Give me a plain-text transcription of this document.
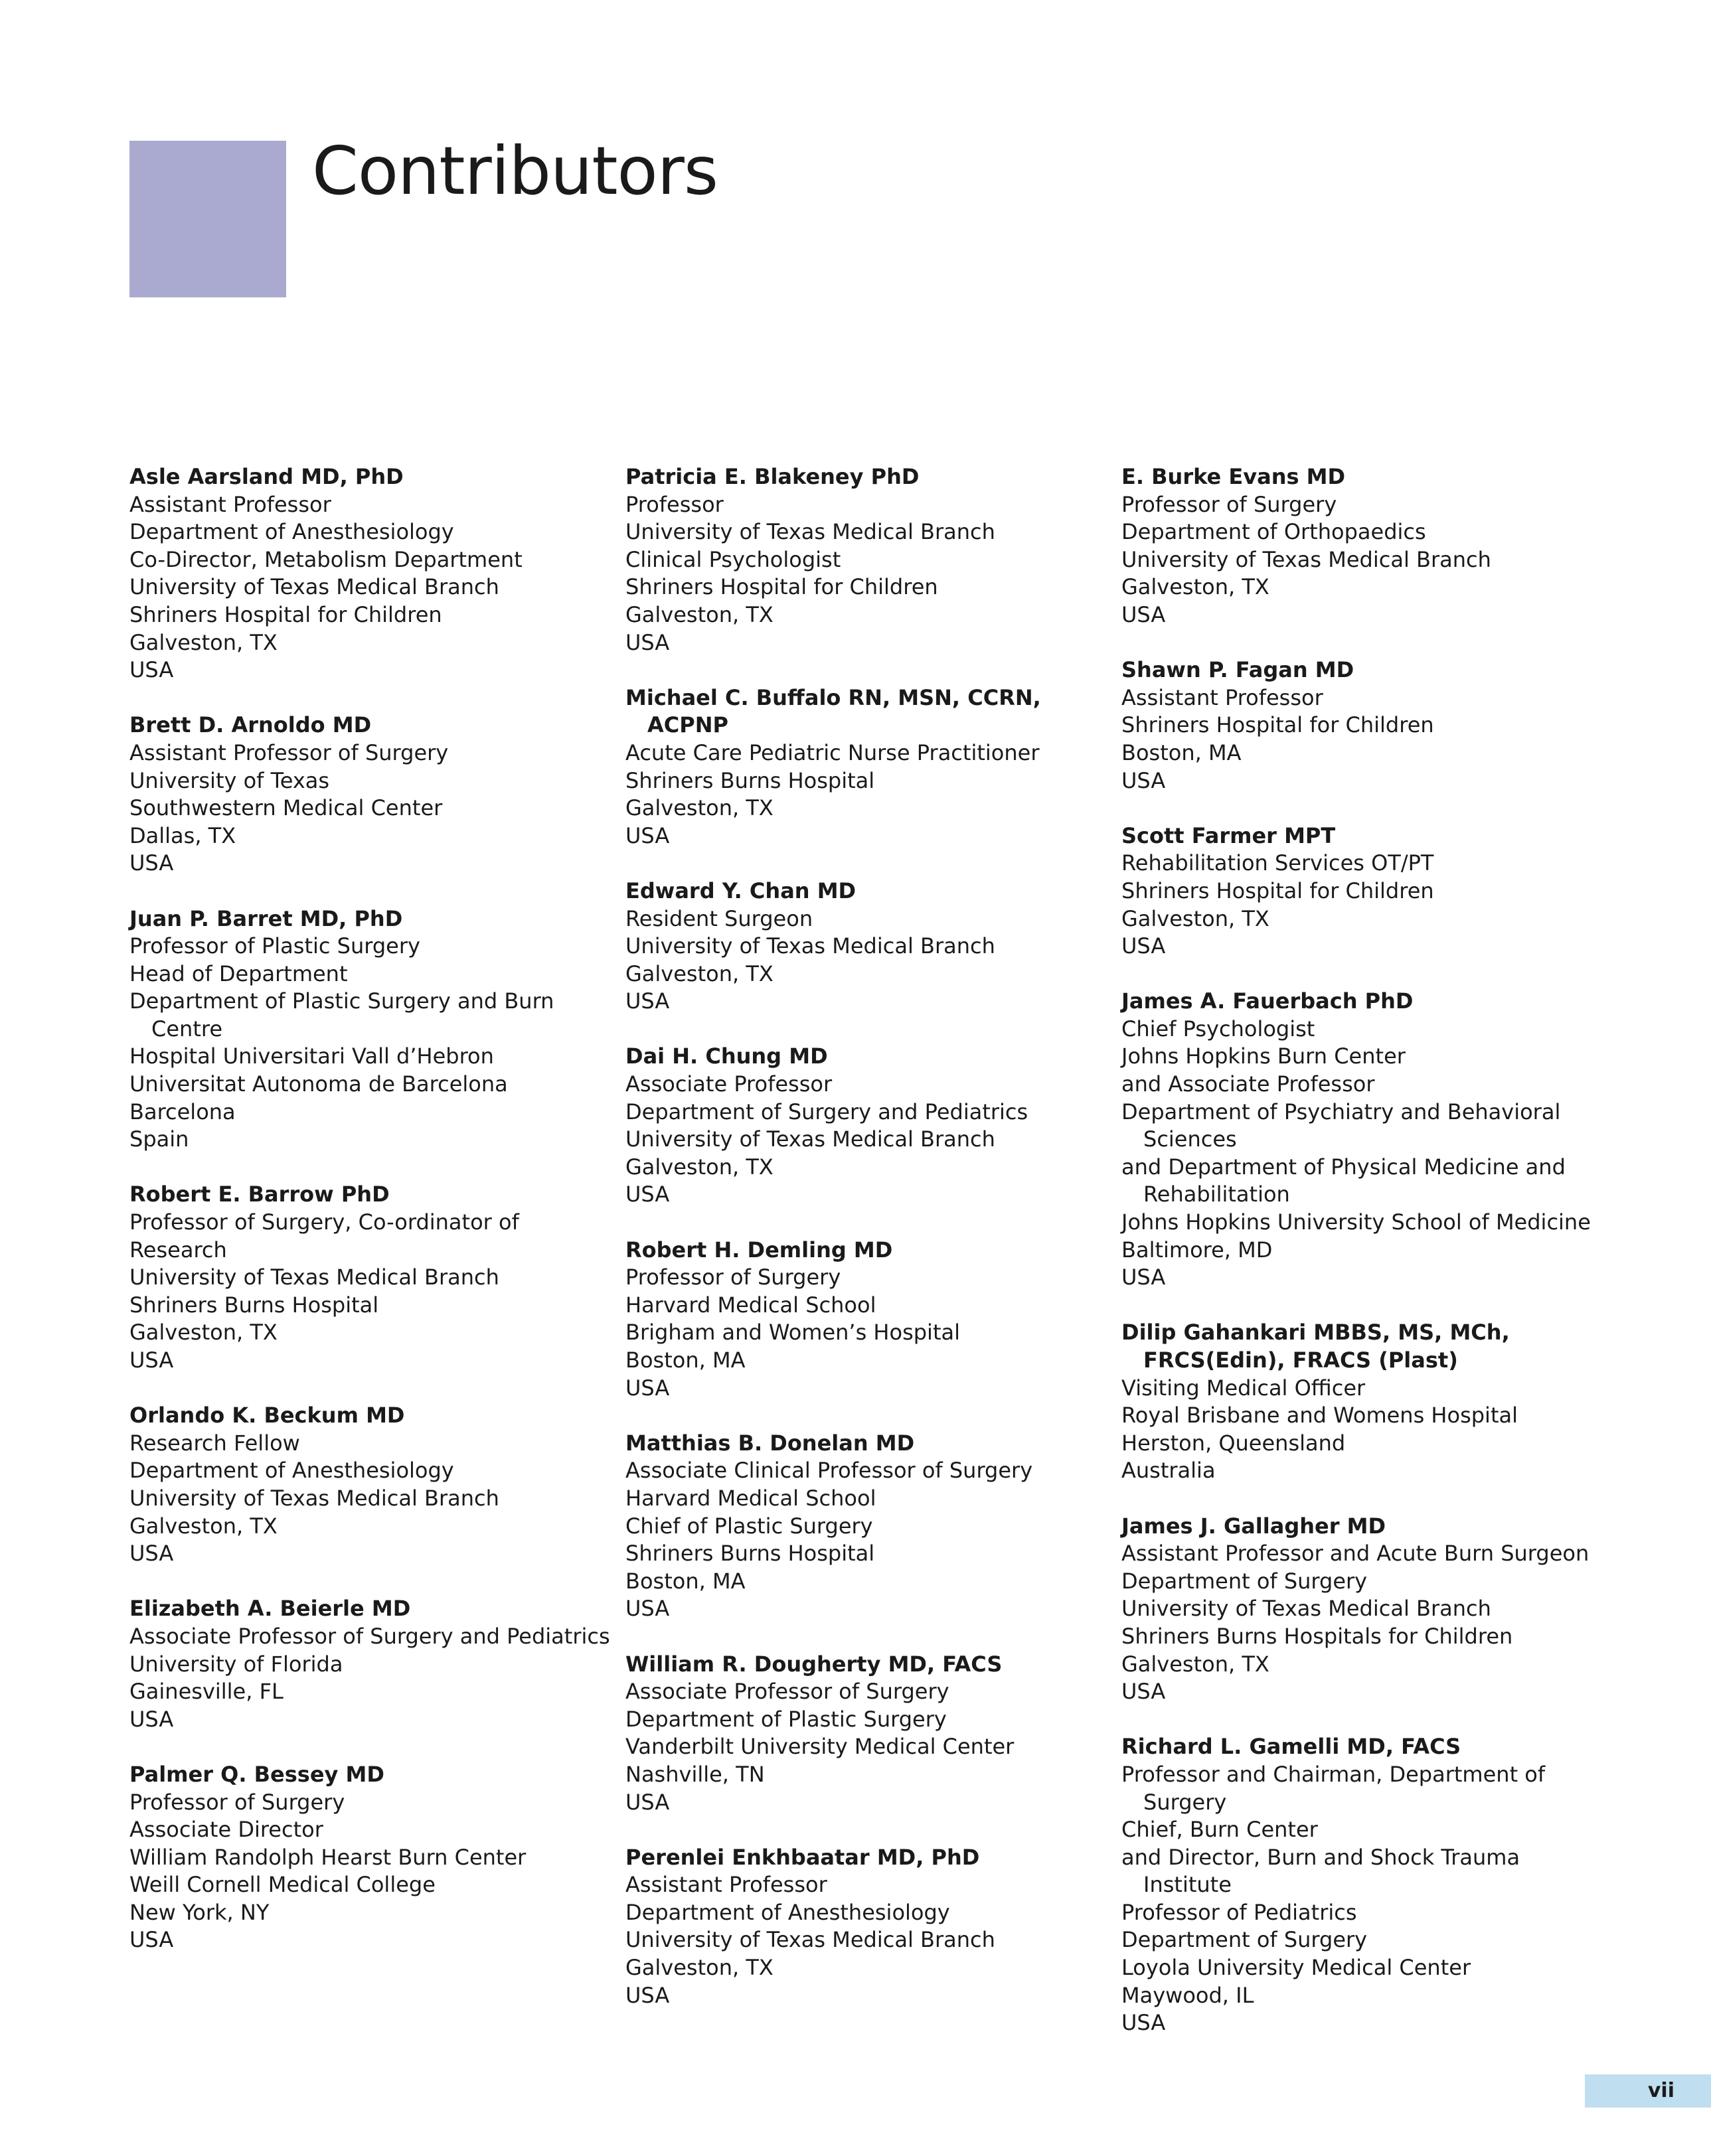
Contributors
Asle Aarsland MD, PhD
Assistant Professor
Department of Anesthesiology
Co-Director, Metabolism Department
University of Texas Medical Branch
Shriners Hospital for Children
Galveston, TX
USA
Brett D. Arnoldo MD
Assistant Professor of Surgery
University of Texas
Southwestern Medical Center
Dallas, TX
USA
Juan P. Barret MD, PhD
Professor of Plastic Surgery
Head of Department
Department of Plastic Surgery and Burn Centre
Hospital Universitari Vall d’Hebron
Universitat Autonoma de Barcelona
Barcelona
Spain
Robert E. Barrow PhD
Professor of Surgery, Co-ordinator of
Research
University of Texas Medical Branch
Shriners Burns Hospital
Galveston, TX
USA
Orlando K. Beckum MD
Research Fellow
Department of Anesthesiology
University of Texas Medical Branch
Galveston, TX
USA
Elizabeth A. Beierle MD
Associate Professor of Surgery and Pediatrics
University of Florida
Gainesville, FL
USA
Palmer Q. Bessey MD
Professor of Surgery
Associate Director
William Randolph Hearst Burn Center
Weill Cornell Medical College
New York, NY
USA
Patricia E. Blakeney PhD
Professor
University of Texas Medical Branch
Clinical Psychologist
Shriners Hospital for Children
Galveston, TX
USA
Michael C. Buffalo RN, MSN, CCRN, ACPNP
Acute Care Pediatric Nurse Practitioner
Shriners Burns Hospital
Galveston, TX
USA
Edward Y. Chan MD
Resident Surgeon
University of Texas Medical Branch
Galveston, TX
USA
Dai H. Chung MD
Associate Professor
Department of Surgery and Pediatrics
University of Texas Medical Branch
Galveston, TX
USA
Robert H. Demling MD
Professor of Surgery
Harvard Medical School
Brigham and Women’s Hospital
Boston, MA
USA
Matthias B. Donelan MD
Associate Clinical Professor of Surgery
Harvard Medical School
Chief of Plastic Surgery
Shriners Burns Hospital
Boston, MA
USA
William R. Dougherty MD, FACS
Associate Professor of Surgery
Department of Plastic Surgery
Vanderbilt University Medical Center
Nashville, TN
USA
Perenlei Enkhbaatar MD, PhD
Assistant Professor
Department of Anesthesiology
University of Texas Medical Branch
Galveston, TX
USA
E. Burke Evans MD
Professor of Surgery
Department of Orthopaedics
University of Texas Medical Branch
Galveston, TX
USA
Shawn P. Fagan MD
Assistant Professor
Shriners Hospital for Children
Boston, MA
USA
Scott Farmer MPT
Rehabilitation Services OT/PT
Shriners Hospital for Children
Galveston, TX
USA
James A. Fauerbach PhD
Chief Psychologist
Johns Hopkins Burn Center
and Associate Professor
Department of Psychiatry and Behavioral Sciences
and Department of Physical Medicine and Rehabilitation
Johns Hopkins University School of Medicine
Baltimore, MD
USA
Dilip Gahankari MBBS, MS, MCh, FRCS(Edin), FRACS (Plast)
Visiting Medical Officer
Royal Brisbane and Womens Hospital
Herston, Queensland
Australia
James J. Gallagher MD
Assistant Professor and Acute Burn Surgeon
Department of Surgery
University of Texas Medical Branch
Shriners Burns Hospitals for Children
Galveston, TX
USA
Richard L. Gamelli MD, FACS
Professor and Chairman, Department of Surgery
Chief, Burn Center
and Director, Burn and Shock Trauma Institute
Professor of Pediatrics
Department of Surgery
Loyola University Medical Center
Maywood, IL
USA
vii
